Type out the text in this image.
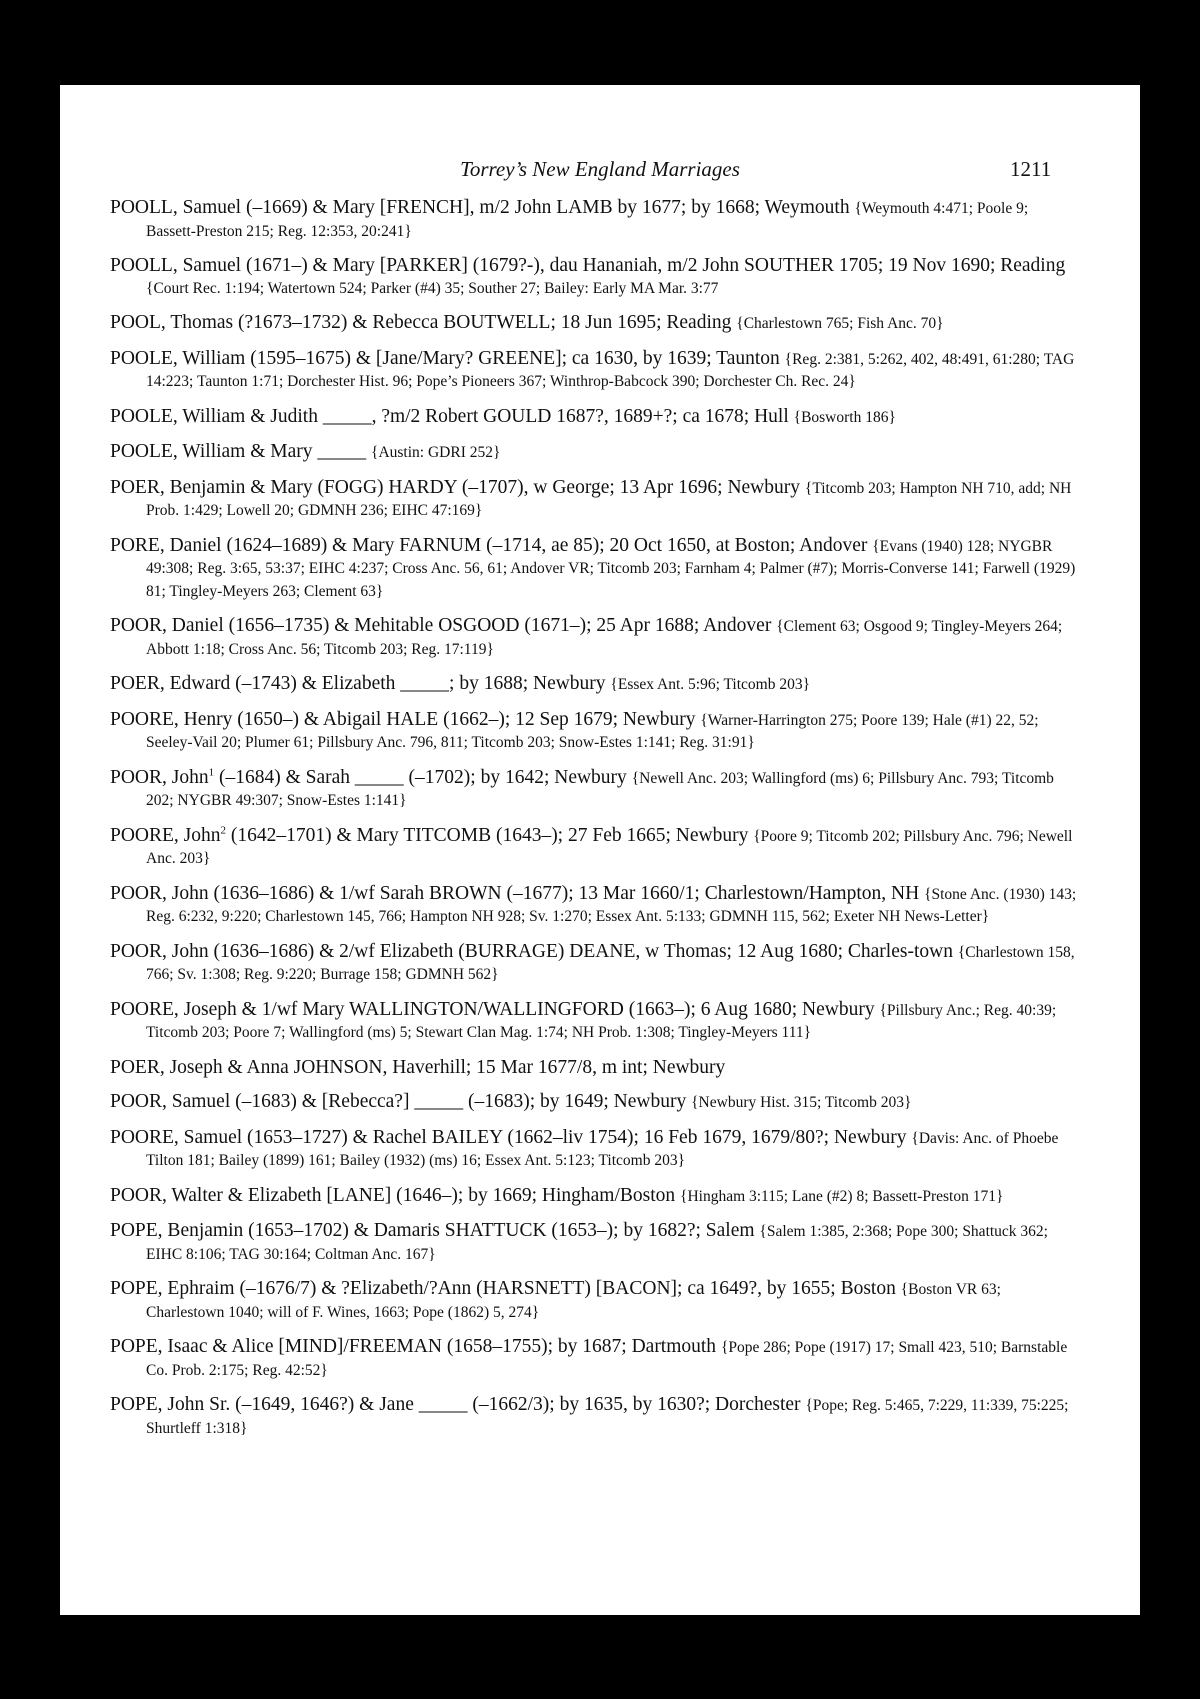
Torrey’s New England Marriages	1211
POOLL, Samuel (–1669) & Mary [FRENCH], m/2 John LAMB by 1677; by 1668; Weymouth {Weymouth 4:471; Poole 9; Bassett-Preston 215; Reg. 12:353, 20:241}
POOLL, Samuel (1671–) & Mary [PARKER] (1679?-), dau Hananiah, m/2 John SOUTHER 1705; 19 Nov 1690; Reading {Court Rec. 1:194; Watertown 524; Parker (#4) 35; Souther 27; Bailey: Early MA Mar. 3:77
POOL, Thomas (?1673–1732) & Rebecca BOUTWELL; 18 Jun 1695; Reading {Charlestown 765; Fish Anc. 70}
POOLE, William (1595–1675) & [Jane/Mary? GREENE]; ca 1630, by 1639; Taunton {Reg. 2:381, 5:262, 402, 48:491, 61:280; TAG 14:223; Taunton 1:71; Dorchester Hist. 96; Pope’s Pioneers 367; Winthrop-Babcock 390; Dorchester Ch. Rec. 24}
POOLE, William & Judith _____, ?m/2 Robert GOULD 1687?, 1689+?; ca 1678; Hull {Bosworth 186}
POOLE, William & Mary _____ {Austin: GDRI 252}
POER, Benjamin & Mary (FOGG) HARDY (–1707), w George; 13 Apr 1696; Newbury {Titcomb 203; Hampton NH 710, add; NH Prob. 1:429; Lowell 20; GDMNH 236; EIHC 47:169}
PORE, Daniel (1624–1689) & Mary FARNUM (–1714, ae 85); 20 Oct 1650, at Boston; Andover {Evans (1940) 128; NYGBR 49:308; Reg. 3:65, 53:37; EIHC 4:237; Cross Anc. 56, 61; Andover VR; Titcomb 203; Farnham 4; Palmer (#7); Morris-Converse 141; Farwell (1929) 81; Tingley-Meyers 263; Clement 63}
POOR, Daniel (1656–1735) & Mehitable OSGOOD (1671–); 25 Apr 1688; Andover {Clement 63; Osgood 9; Tingley-Meyers 264; Abbott 1:18; Cross Anc. 56; Titcomb 203; Reg. 17:119}
POER, Edward (–1743) & Elizabeth _____; by 1688; Newbury {Essex Ant. 5:96; Titcomb 203}
POORE, Henry (1650–) & Abigail HALE (1662–); 12 Sep 1679; Newbury {Warner-Harrington 275; Poore 139; Hale (#1) 22, 52; Seeley-Vail 20; Plumer 61; Pillsbury Anc. 796, 811; Titcomb 203; Snow-Estes 1:141; Reg. 31:91}
POOR, John$^1$ (–1684) & Sarah _____ (–1702); by 1642; Newbury {Newell Anc. 203; Wallingford (ms) 6; Pillsbury Anc. 793; Titcomb 202; NYGBR 49:307; Snow-Estes 1:141}
POORE, John$^2$ (1642–1701) & Mary TITCOMB (1643–); 27 Feb 1665; Newbury {Poore 9; Titcomb 202; Pillsbury Anc. 796; Newell Anc. 203}
POOR, John (1636–1686) & 1/wf Sarah BROWN (–1677); 13 Mar 1660/1; Charlestown/Hampton, NH {Stone Anc. (1930) 143; Reg. 6:232, 9:220; Charlestown 145, 766; Hampton NH 928; Sv. 1:270; Essex Ant. 5:133; GDMNH 115, 562; Exeter NH News-Letter}
POOR, John (1636–1686) & 2/wf Elizabeth (BURRAGE) DEANE, w Thomas; 12 Aug 1680; Charles-town {Charlestown 158, 766; Sv. 1:308; Reg. 9:220; Burrage 158; GDMNH 562}
POORE, Joseph & 1/wf Mary WALLINGTON/WALLINGFORD (1663–); 6 Aug 1680; Newbury {Pillsbury Anc.; Reg. 40:39; Titcomb 203; Poore 7; Wallingford (ms) 5; Stewart Clan Mag. 1:74; NH Prob. 1:308; Tingley-Meyers 111}
POER, Joseph & Anna JOHNSON, Haverhill; 15 Mar 1677/8, m int; Newbury
POOR, Samuel (–1683) & [Rebecca?] _____ (–1683); by 1649; Newbury {Newbury Hist. 315; Titcomb 203}
POORE, Samuel (1653–1727) & Rachel BAILEY (1662–liv 1754); 16 Feb 1679, 1679/80?; Newbury {Davis: Anc. of Phoebe Tilton 181; Bailey (1899) 161; Bailey (1932) (ms) 16; Essex Ant. 5:123; Titcomb 203}
POOR, Walter & Elizabeth [LANE] (1646–); by 1669; Hingham/Boston {Hingham 3:115; Lane (#2) 8; Bassett-Preston 171}
POPE, Benjamin (1653–1702) & Damaris SHATTUCK (1653–); by 1682?; Salem {Salem 1:385, 2:368; Pope 300; Shattuck 362; EIHC 8:106; TAG 30:164; Coltman Anc. 167}
POPE, Ephraim (–1676/7) & ?Elizabeth/?Ann (HARSNETT) [BACON]; ca 1649?, by 1655; Boston {Boston VR 63; Charlestown 1040; will of F. Wines, 1663; Pope (1862) 5, 274}
POPE, Isaac & Alice [MIND]/FREEMAN (1658–1755); by 1687; Dartmouth {Pope 286; Pope (1917) 17; Small 423, 510; Barnstable Co. Prob. 2:175; Reg. 42:52}
POPE, John Sr. (–1649, 1646?) & Jane _____ (–1662/3); by 1635, by 1630?; Dorchester {Pope; Reg. 5:465, 7:229, 11:339, 75:225; Shurtleff 1:318}
